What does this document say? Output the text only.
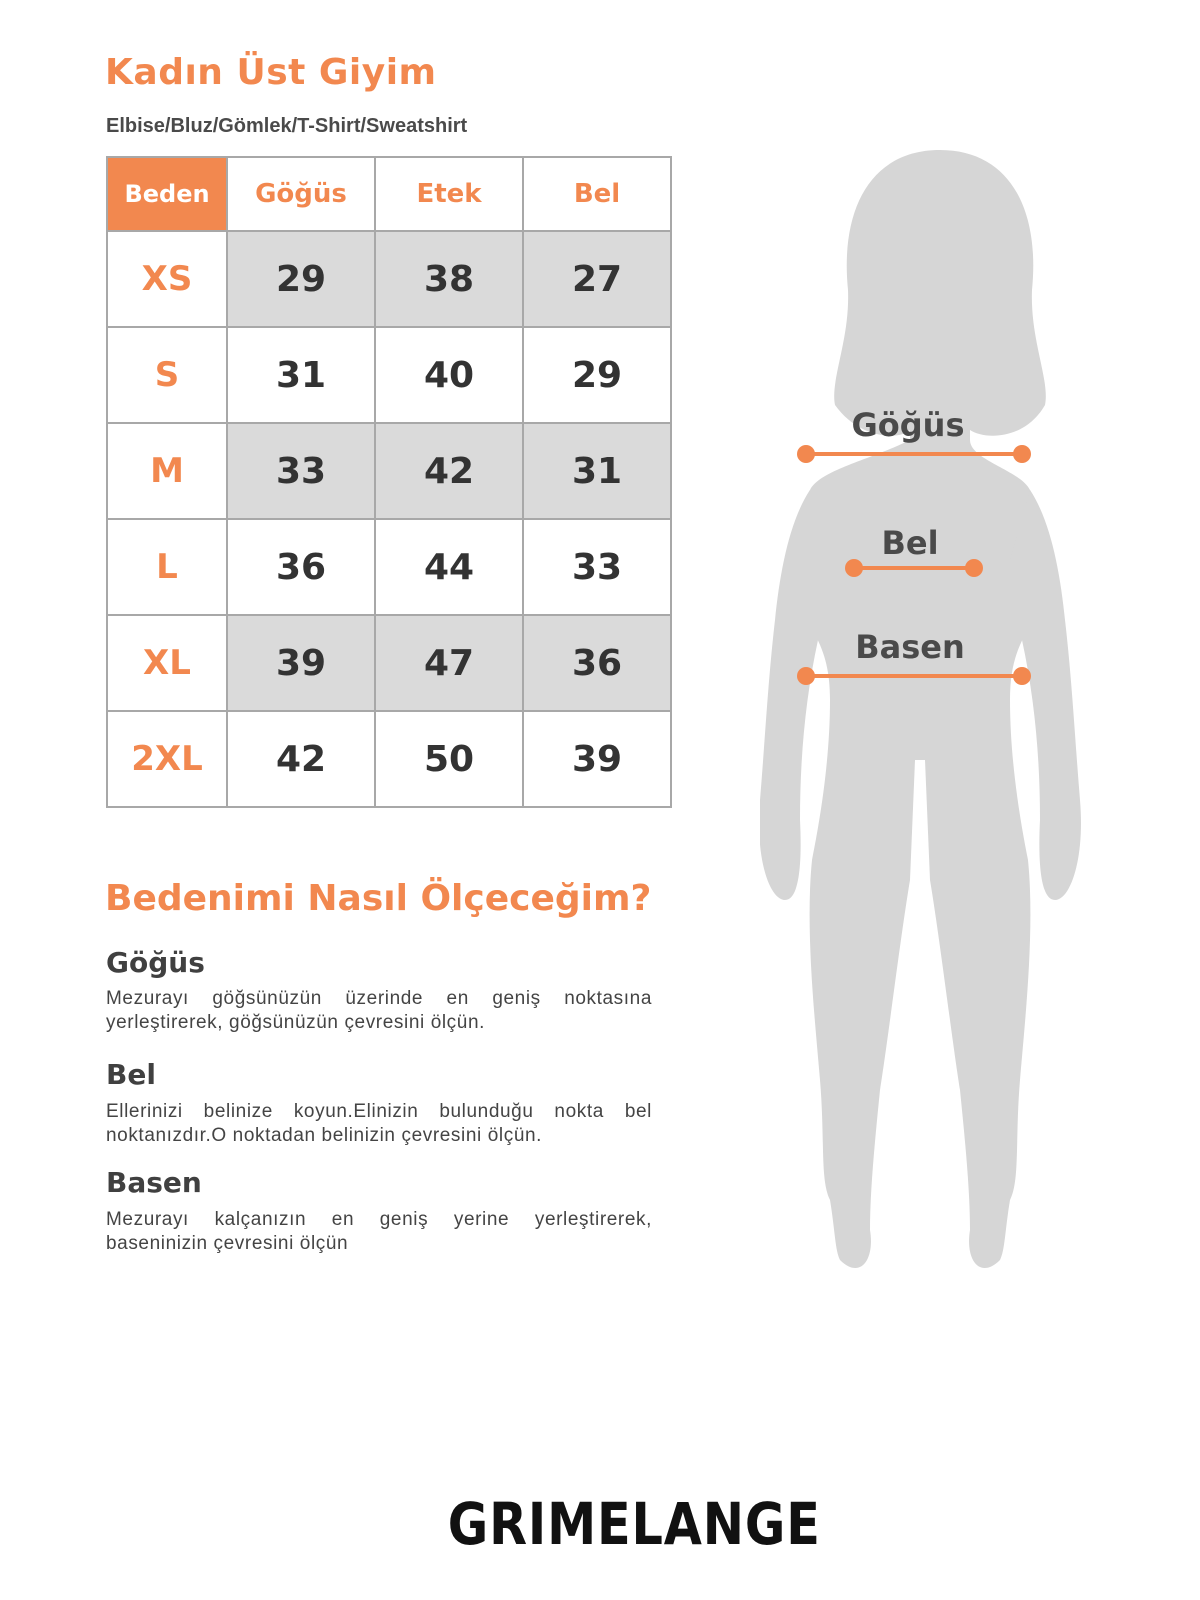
Kadın Üst Giyim
Elbise/Bluz/Gömlek/T-Shirt/Sweatshirt
Beden	Göğüs	Etek	Bel
XS	29	38	27
S	31	40	29
M	33	42	31
L	36	44	33
XL	39	47	36
2XL	42	50	39
Bedenimi Nasıl Ölçeceğim?
Göğüs

Mezurayı göğsünüzün üzerinde en geniş noktasına yerleştirerek, göğsünüzün çevresini ölçün.

Bel

Ellerinizi belinize koyun.Elinizin bulunduğu nokta bel noktanızdır.O noktadan belinizin çevresini ölçün.

Basen

Mezurayı kalçanızın en geniş yerine yerleştirerek, baseninizin çevresini ölçün

Göğüs
Bel
Basen
GRIMELANGE
